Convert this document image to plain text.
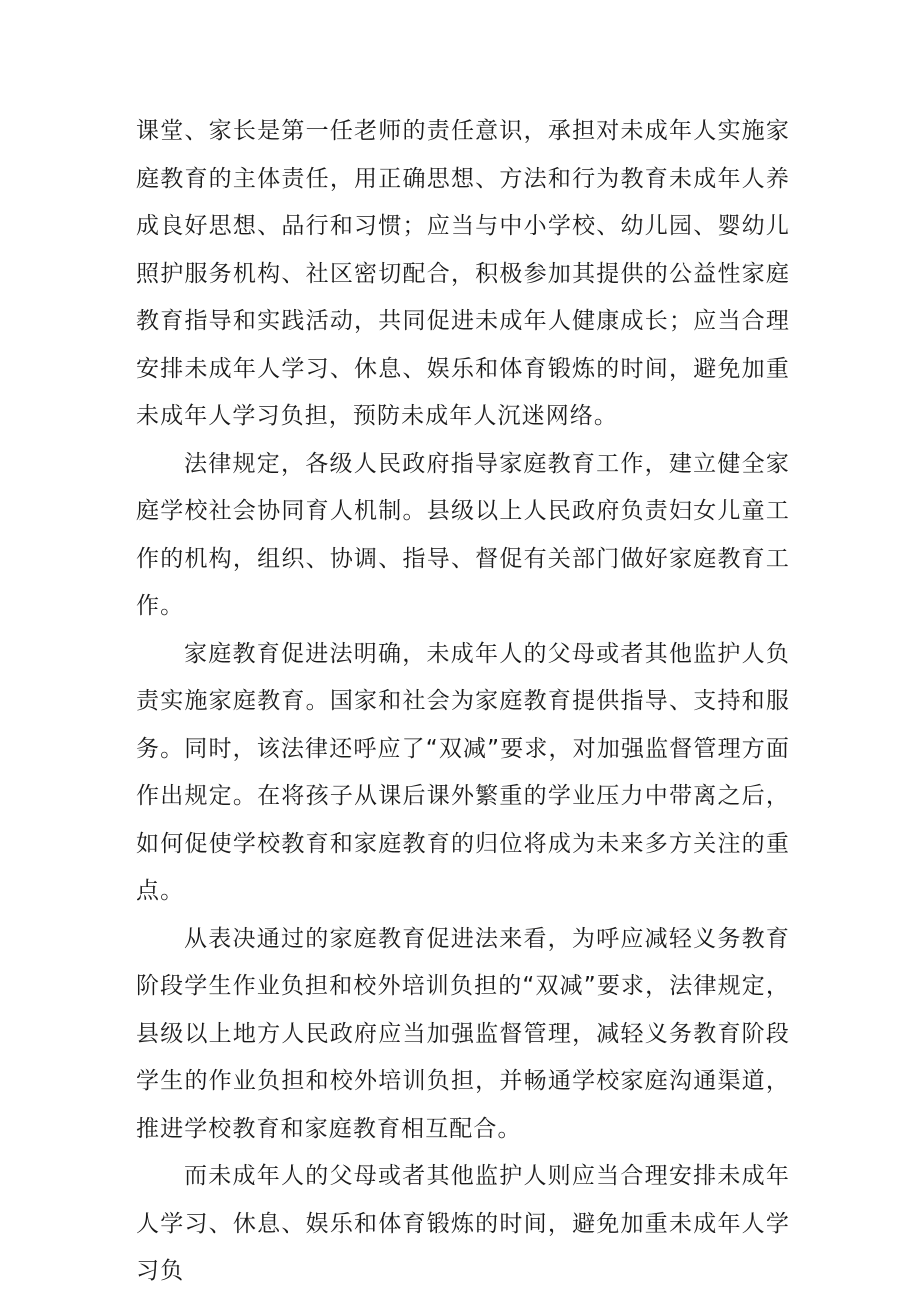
课堂、家长是第一任老师的责任意识，承担对未成年人实施家庭教育的主体责任，用正确思想、方法和行为教育未成年人养成良好思想、品行和习惯；应当与中小学校、幼儿园、婴幼儿照护服务机构、社区密切配合，积极参加其提供的公益性家庭教育指导和实践活动，共同促进未成年人健康成长；应当合理安排未成年人学习、休息、娱乐和体育锻炼的时间，避免加重未成年人学习负担，预防未成年人沉迷网络。

法律规定，各级人民政府指导家庭教育工作，建立健全家庭学校社会协同育人机制。县级以上人民政府负责妇女儿童工作的机构，组织、协调、指导、督促有关部门做好家庭教育工作。

家庭教育促进法明确，未成年人的父母或者其他监护人负责实施家庭教育。国家和社会为家庭教育提供指导、支持和服务。同时，该法律还呼应了“双减”要求，对加强监督管理方面作出规定。在将孩子从课后课外繁重的学业压力中带离之后，如何促使学校教育和家庭教育的归位将成为未来多方关注的重点。

从表决通过的家庭教育促进法来看，为呼应减轻义务教育阶段学生作业负担和校外培训负担的“双减”要求，法律规定，县级以上地方人民政府应当加强监督管理，减轻义务教育阶段学生的作业负担和校外培训负担，并畅通学校家庭沟通渠道，推进学校教育和家庭教育相互配合。

而未成年人的父母或者其他监护人则应当合理安排未成年人学习、休息、娱乐和体育锻炼的时间，避免加重未成年人学习负
